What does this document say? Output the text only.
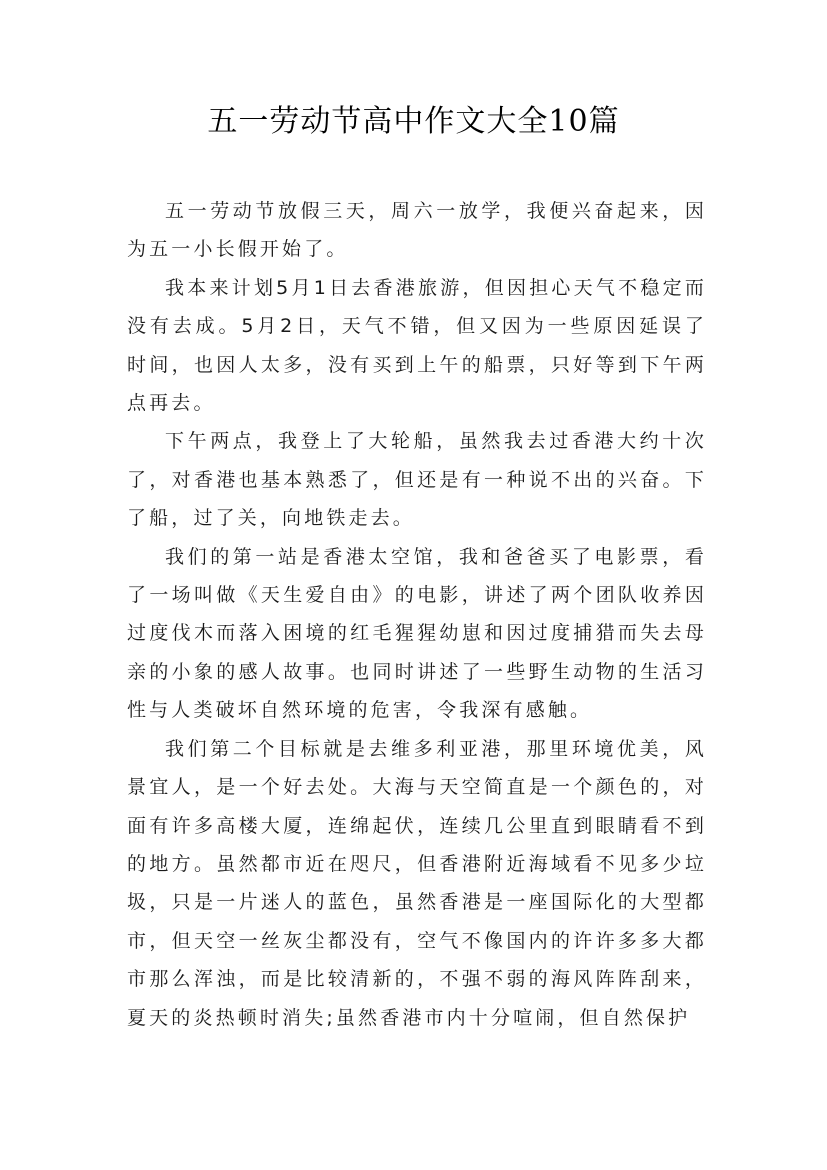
五一劳动节高中作文大全10篇

五一劳动节放假三天，周六一放学，我便兴奋起来，因为五一小长假开始了。

我本来计划5月1日去香港旅游，但因担心天气不稳定而没有去成。5月2日，天气不错，但又因为一些原因延误了时间，也因人太多，没有买到上午的船票，只好等到下午两点再去。

下午两点，我登上了大轮船，虽然我去过香港大约十次了，对香港也基本熟悉了，但还是有一种说不出的兴奋。下了船，过了关，向地铁走去。

我们的第一站是香港太空馆，我和爸爸买了电影票，看了一场叫做《天生爱自由》的电影，讲述了两个团队收养因过度伐木而落入困境的红毛猩猩幼崽和因过度捕猎而失去母亲的小象的感人故事。也同时讲述了一些野生动物的生活习性与人类破坏自然环境的危害，令我深有感触。

我们第二个目标就是去维多利亚港，那里环境优美，风景宜人，是一个好去处。大海与天空简直是一个颜色的，对面有许多高楼大厦，连绵起伏，连续几公里直到眼睛看不到的地方。虽然都市近在咫尺，但香港附近海域看不见多少垃圾，只是一片迷人的蓝色，虽然香港是一座国际化的大型都市，但天空一丝灰尘都没有，空气不像国内的许许多多大都市那么浑浊，而是比较清新的，不强不弱的海风阵阵刮来，夏天的炎热顿时消失;虽然香港市内十分喧闹，但自然保护
